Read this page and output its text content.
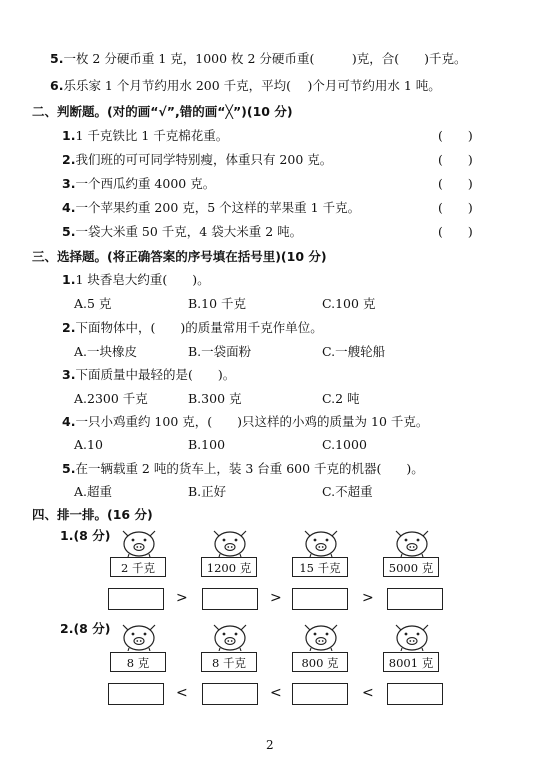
5.一枚 2 分硬币重 1 克，1000 枚 2 分硬币重(　　　)克，合(　　)千克。
6.乐乐家 1 个月节约用水 200 千克，平均(　 )个月可节约用水 1 吨。
二、判断题。(对的画“√”,错的画“╳”)(10 分)
1.1 千克铁比 1 千克棉花重。	(　　)
2.我们班的可可同学特别瘦，体重只有 200 克。	(　　)
3.一个西瓜约重 4000 克。	(　　)
4.一个苹果约重 200 克，5 个这样的苹果重 1 千克。	(　　)
5.一袋大米重 50 千克，4 袋大米重 2 吨。	(　　)
三、选择题。(将正确答案的序号填在括号里)(10 分)
1.1 块香皂大约重(　　)。
A.5 克	B.10 千克	C.100 克
2.下面物体中，(　　)的质量常用千克作单位。
A.一块橡皮	B.一袋面粉	C.一艘轮船
3.下面质量中最轻的是(　　)。
A.2300 千克	B.300 克	C.2 吨
4.一只小鸡重约 100 克，(　　)只这样的小鸡的质量为 10 千克。
A.10	B.100	C.1000
5.在一辆载重 2 吨的货车上，装 3 台重 600 千克的机器(　　)。
A.超重	B.正好	C.不超重
四、排一排。(16 分)
1.(8 分)
2 千克	1200 克	15 千克	5000 克
>	>	>
2.(8 分)
8 克	8 千克	800 克	8001 克
<	<	<
2
